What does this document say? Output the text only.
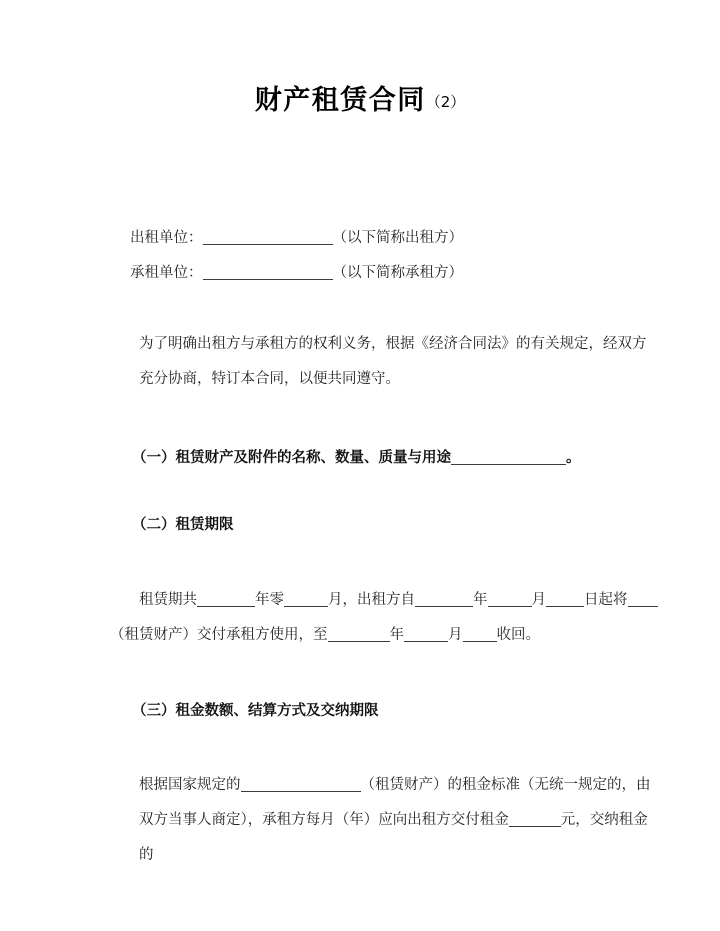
财产租赁合同（2）
出租单位：	（以下简称出租方）
承租单位：	（以下简称承租方）
为了明确出租方与承租方的权利义务，根据《经济合同法》的有关规定，经双方充分协商，特订本合同，以便共同遵守。
（一）租赁财产及附件的名称、数量、质量与用途	。
（二）租赁期限
租赁期共	年零	月，出租方自	年	月	日起将
（租赁财产）交付承租方使用，至	年	月 收回。
（三）租金数额、结算方式及交纳期限
根据国家规定的	（租赁财产）的租金标准（无统一规定的，由双方当事人商定），承租方每月（年）应向出租方交付租金	元，交纳租金的
